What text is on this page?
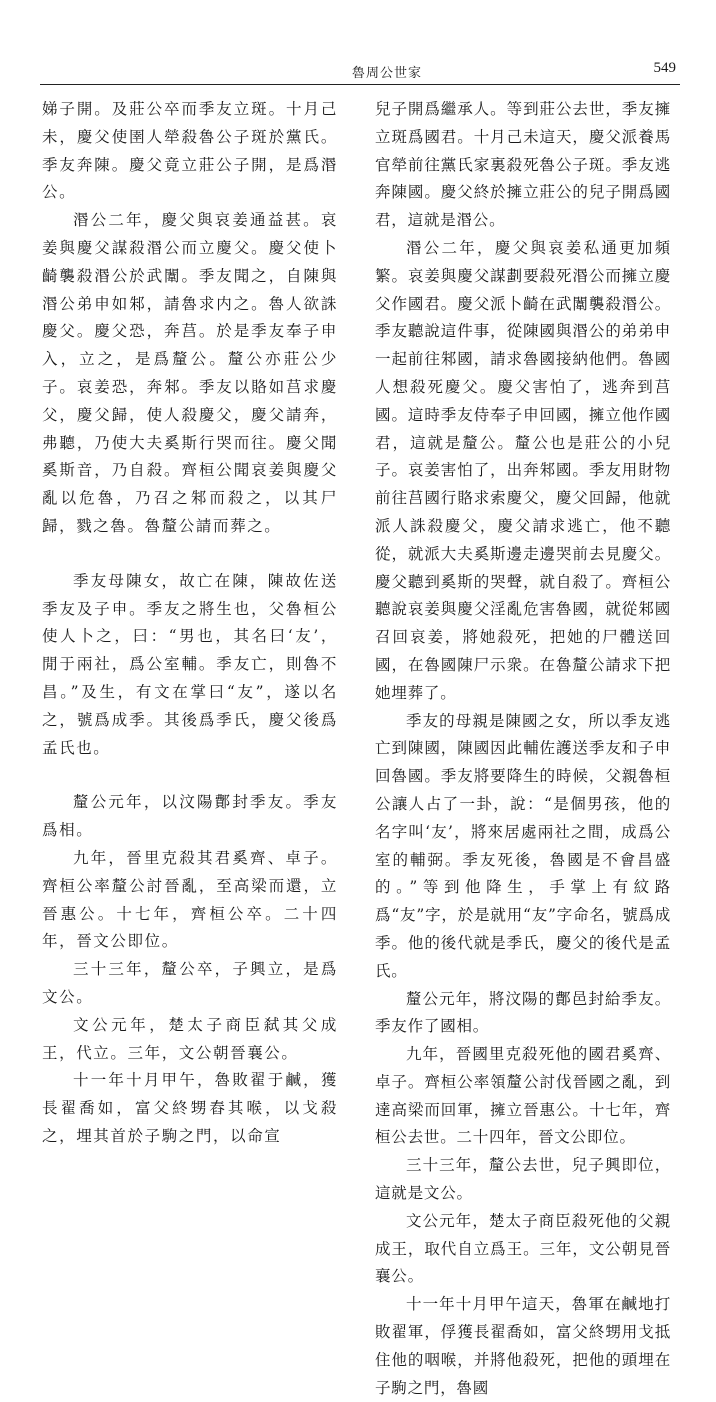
魯周公世家	549

娣子開。及莊公卒而季友立斑。十月己未，慶父使圉人犖殺魯公子斑於黨氏。季友奔陳。慶父竟立莊公子開，是爲湣公。

湣公二年，慶父與哀姜通益甚。哀姜與慶父謀殺湣公而立慶父。慶父使卜齮襲殺湣公於武闈。季友聞之，自陳與湣公弟申如邾，請魯求内之。魯人欲誅慶父。慶父恐，奔莒。於是季友奉子申入，立之，是爲釐公。釐公亦莊公少子。哀姜恐，奔邾。季友以賂如莒求慶父，慶父歸，使人殺慶父，慶父請奔，弗聽，乃使大夫奚斯行哭而往。慶父聞奚斯音，乃自殺。齊桓公聞哀姜與慶父亂以危魯，乃召之邾而殺之，以其尸歸，戮之魯。魯釐公請而葬之。

季友母陳女，故亡在陳，陳故佐送季友及子申。季友之將生也，父魯桓公使人卜之，曰：“男也，其名曰‘友’，閒于兩社，爲公室輔。季友亡，則魯不昌。”及生，有文在掌曰“友”，遂以名之，號爲成季。其後爲季氏，慶父後爲孟氏也。

釐公元年，以汶陽鄪封季友。季友爲相。

九年，晉里克殺其君奚齊、卓子。齊桓公率釐公討晉亂，至高梁而還，立晉惠公。十七年，齊桓公卒。二十四年，晉文公即位。

三十三年，釐公卒，子興立，是爲文公。

文公元年，楚太子商臣弑其父成王，代立。三年，文公朝晉襄公。

十一年十月甲午，魯敗翟于鹹，獲長翟喬如，富父終甥舂其喉，以戈殺之，埋其首於子駒之門，以命宣

兒子開爲繼承人。等到莊公去世，季友擁立斑爲國君。十月己未這天，慶父派養馬官犖前往黨氏家裏殺死魯公子斑。季友逃奔陳國。慶父終於擁立莊公的兒子開爲國君，這就是湣公。

湣公二年，慶父與哀姜私通更加頻繁。哀姜與慶父謀劃要殺死湣公而擁立慶父作國君。慶父派卜齮在武闈襲殺湣公。季友聽說這件事，從陳國與湣公的弟弟申一起前往邾國，請求魯國接納他們。魯國人想殺死慶父。慶父害怕了，逃奔到莒國。這時季友侍奉子申回國，擁立他作國君，這就是釐公。釐公也是莊公的小兒子。哀姜害怕了，出奔邾國。季友用財物前往莒國行賂求索慶父，慶父回歸，他就派人誅殺慶父，慶父請求逃亡，他不聽從，就派大夫奚斯邊走邊哭前去見慶父。慶父聽到奚斯的哭聲，就自殺了。齊桓公聽說哀姜與慶父淫亂危害魯國，就從邾國召回哀姜，將她殺死，把她的尸體送回國，在魯國陳尸示衆。在魯釐公請求下把她埋葬了。

季友的母親是陳國之女，所以季友逃亡到陳國，陳國因此輔佐護送季友和子申回魯國。季友將要降生的時候，父親魯桓公讓人占了一卦，說：“是個男孩，他的名字叫‘友’，將來居處兩社之間，成爲公室的輔弼。季友死後，魯國是不會昌盛的。”等到他降生，手掌上有紋路爲“友”字，於是就用“友”字命名，號爲成季。他的後代就是季氏，慶父的後代是孟氏。

釐公元年，將汶陽的鄪邑封給季友。季友作了國相。

九年，晉國里克殺死他的國君奚齊、卓子。齊桓公率領釐公討伐晉國之亂，到達高梁而回軍，擁立晉惠公。十七年，齊桓公去世。二十四年，晉文公即位。

三十三年，釐公去世，兒子興即位，這就是文公。

文公元年，楚太子商臣殺死他的父親成王，取代自立爲王。三年，文公朝見晉襄公。

十一年十月甲午這天，魯軍在鹹地打敗翟軍，俘獲長翟喬如，富父終甥用戈抵住他的咽喉，并將他殺死，把他的頭埋在子駒之門，魯國
